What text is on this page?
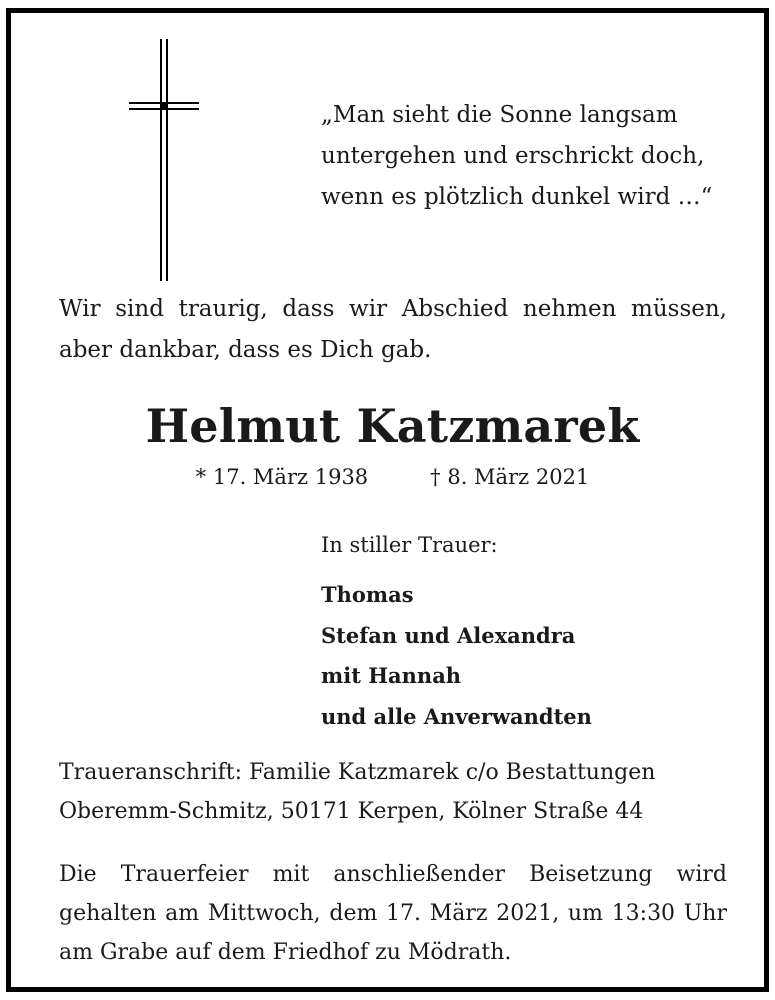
„Man sieht die Sonne langsam
untergehen und erschrickt doch,
wenn es plötzlich dunkel wird …“
Wir sind traurig, dass wir Abschied nehmen müssen, aber dankbar, dass es Dich gab.
Helmut Katzmarek
* 17. März 1938	† 8. März 2021
In stiller Trauer:
Thomas
Stefan und Alexandra
mit Hannah
und alle Anverwandten
Traueranschrift: Familie Katzmarek c/o Bestattungen
Oberemm-Schmitz, 50171 Kerpen, Kölner Straße 44
Die Trauerfeier mit anschließender Beisetzung wird gehalten am Mittwoch, dem 17. März 2021, um 13:30 Uhr am Grabe auf dem Friedhof zu Mödrath.
